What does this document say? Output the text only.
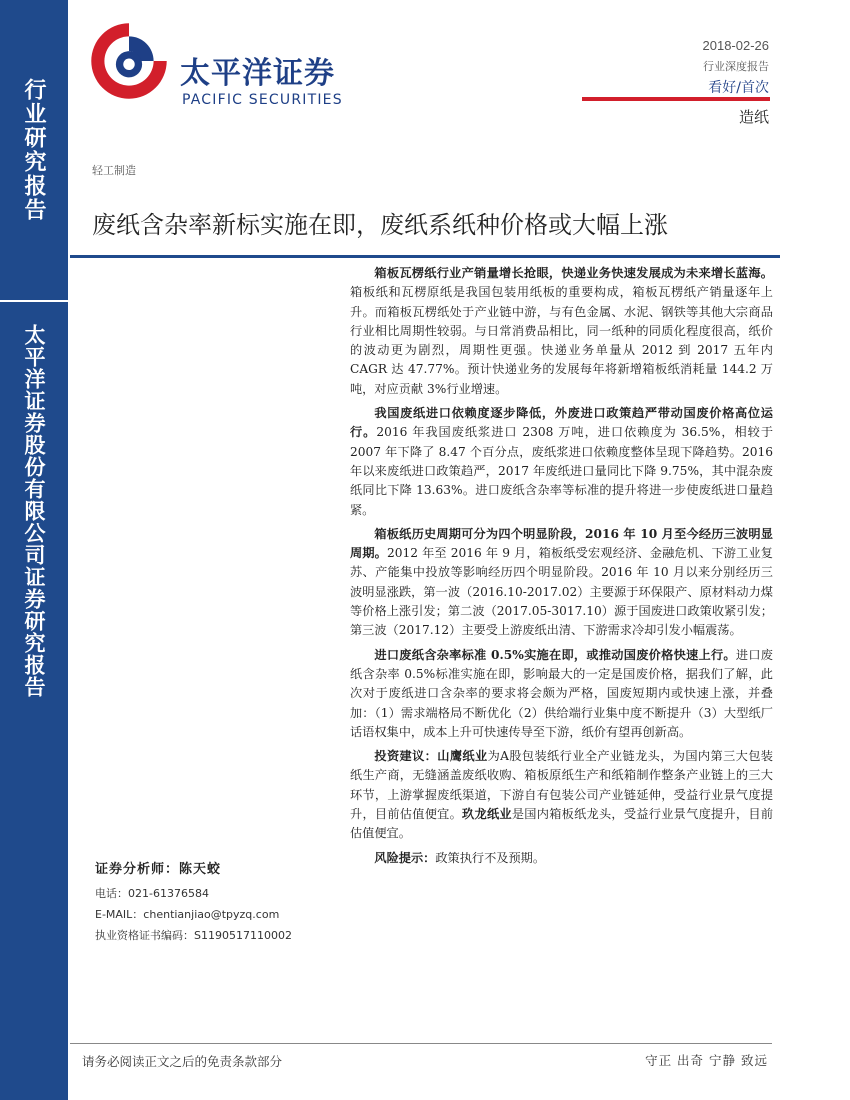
行业研究报告
太平洋证券股份有限公司证券研究报告
太平洋证券
PACIFIC SECURITIES
2018-02-26
行业深度报告
看好/首次
造纸
轻工制造
废纸含杂率新标实施在即，废纸系纸种价格或大幅上涨

箱板瓦楞纸行业产销量增长抢眼，快递业务快速发展成为未来增长蓝海。箱板纸和瓦楞原纸是我国包装用纸板的重要构成，箱板瓦楞纸产销量逐年上升。而箱板瓦楞纸处于产业链中游，与有色金属、水泥、钢铁等其他大宗商品行业相比周期性较弱。与日常消费品相比，同一纸种的同质化程度很高，纸价的波动更为剧烈，周期性更强。快递业务单量从 2012 到 2017 五年内 CAGR 达 47.77%。预计快递业务的发展每年将新增箱板纸消耗量 144.2 万吨，对应贡献 3%行业增速。

我国废纸进口依赖度逐步降低，外废进口政策趋严带动国废价格高位运行。2016 年我国废纸浆进口 2308 万吨，进口依赖度为 36.5%，相较于 2007 年下降了 8.47 个百分点，废纸浆进口依赖度整体呈现下降趋势。2016 年以来废纸进口政策趋严，2017 年废纸进口量同比下降 9.75%，其中混杂废纸同比下降 13.63%。进口废纸含杂率等标准的提升将进一步使废纸进口量趋紧。

箱板纸历史周期可分为四个明显阶段，2016 年 10 月至今经历三波明显周期。2012 年至 2016 年 9 月，箱板纸受宏观经济、金融危机、下游工业复苏、产能集中投放等影响经历四个明显阶段。2016 年 10 月以来分别经历三波明显涨跌，第一波（2016.10-2017.02）主要源于环保限产、原材料动力煤等价格上涨引发；第二波（2017.05-3017.10）源于国废进口政策收紧引发；第三波（2017.12）主要受上游废纸出清、下游需求冷却引发小幅震荡。

进口废纸含杂率标准 0.5%实施在即，或推动国废价格快速上行。进口废纸含杂率 0.5%标准实施在即，影响最大的一定是国废价格，据我们了解，此次对于废纸进口含杂率的要求将会颇为严格，国废短期内或快速上涨，并叠加：（1）需求端格局不断优化（2）供给端行业集中度不断提升（3）大型纸厂话语权集中，成本上升可快速传导至下游，纸价有望再创新高。

投资建议：山鹰纸业为A股包装纸行业全产业链龙头，为国内第三大包装纸生产商，无缝涵盖废纸收购、箱板原纸生产和纸箱制作整条产业链上的三大环节，上游掌握废纸渠道，下游自有包装公司产业链延伸，受益行业景气度提升，目前估值便宜。玖龙纸业是国内箱板纸龙头，受益行业景气度提升，目前估值便宜。

风险提示：政策执行不及预期。

证券分析师：陈天蛟
电话：021-61376584
E-MAIL：chentianjiao@tpyzq.com
执业资格证书编码：S1190517110002
请务必阅读正文之后的免责条款部分	守正 出奇 宁静 致远
